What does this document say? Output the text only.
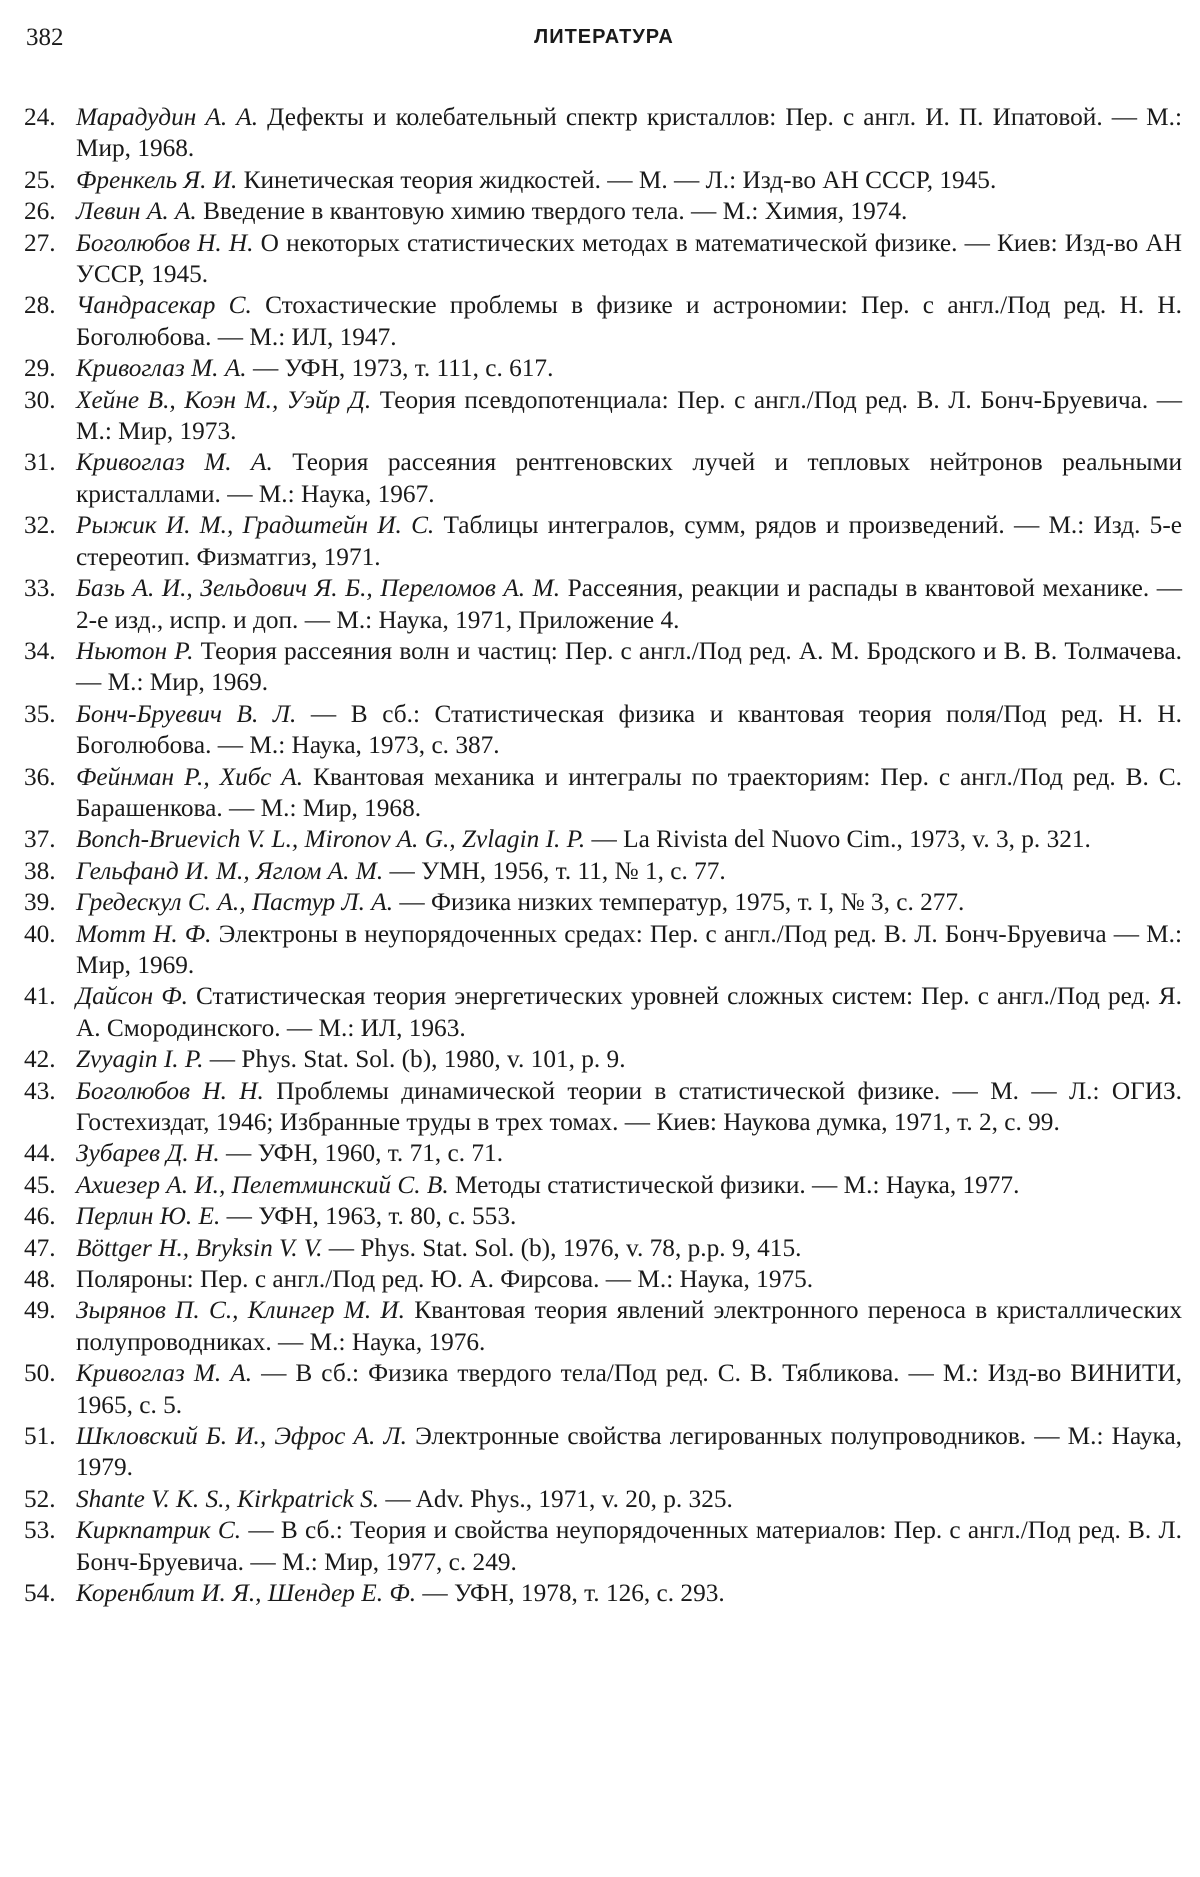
382	ЛИТЕРАТУРА
24. Марадудин А. А. Дефекты и колебательный спектр кристаллов: Пер. с англ. И. П. Ипатовой. — М.: Мир, 1968.
25. Френкель Я. И. Кинетическая теория жидкостей. — М. — Л.: Изд-во АН СССР, 1945.
26. Левин А. А. Введение в квантовую химию твердого тела. — М.: Химия, 1974.
27. Боголюбов Н. Н. О некоторых статистических методах в математической физике. — Киев: Изд-во АН УССР, 1945.
28. Чандрасекар С. Стохастические проблемы в физике и астрономии: Пер. с англ./Под ред. Н. Н. Боголюбова. — М.: ИЛ, 1947.
29. Кривоглаз М. А. — УФН, 1973, т. 111, с. 617.
30. Хейне В., Коэн М., Уэйр Д. Теория псевдопотенциала: Пер. с англ./Под ред. В. Л. Бонч-Бруевича. — М.: Мир, 1973.
31. Кривоглаз М. А. Теория рассеяния рентгеновских лучей и тепловых нейтронов реальными кристаллами. — М.: Наука, 1967.
32. Рыжик И. М., Градштейн И. С. Таблицы интегралов, сумм, рядов и произведений. — М.: Изд. 5-е стереотип. Физматгиз, 1971.
33. Базь А. И., Зельдович Я. Б., Переломов А. М. Рассеяния, реакции и распады в квантовой механике. — 2-е изд., испр. и доп. — М.: Наука, 1971, Приложение 4.
34. Ньютон Р. Теория рассеяния волн и частиц: Пер. с англ./Под ред. А. М. Бродского и В. В. Толмачева. — М.: Мир, 1969.
35. Бонч-Бруевич В. Л. — В сб.: Статистическая физика и квантовая теория поля/Под ред. Н. Н. Боголюбова. — М.: Наука, 1973, с. 387.
36. Фейнман Р., Хибс А. Квантовая механика и интегралы по траекториям: Пер. с англ./Под ред. В. С. Барашенкова. — М.: Мир, 1968.
37. Bonch-Bruevich V. L., Mironov A. G., Zvlagin I. P. — La Rivista del Nuovo Cim., 1973, v. 3, p. 321.
38. Гельфанд И. М., Яглом А. М. — УМН, 1956, т. 11, № 1, с. 77.
39. Гредескул С. А., Пастур Л. А. — Физика низких температур, 1975, т. I, № 3, с. 277.
40. Мотт Н. Ф. Электроны в неупорядоченных средах: Пер. с англ./Под ред. В. Л. Бонч-Бруевича — М.: Мир, 1969.
41. Дайсон Ф. Статистическая теория энергетических уровней сложных систем: Пер. с англ./Под ред. Я. А. Смородинского. — М.: ИЛ, 1963.
42. Zvyagin I. P. — Phys. Stat. Sol. (b), 1980, v. 101, p. 9.
43. Боголюбов Н. Н. Проблемы динамической теории в статистической физике. — М. — Л.: ОГИЗ. Гостехиздат, 1946; Избранные труды в трех томах. — Киев: Наукова думка, 1971, т. 2, с. 99.
44. Зубарев Д. Н. — УФН, 1960, т. 71, с. 71.
45. Ахиезер А. И., Пелетминский С. В. Методы статистической физики. — М.: Наука, 1977.
46. Перлин Ю. Е. — УФН, 1963, т. 80, с. 553.
47. Böttger H., Bryksin V. V. — Phys. Stat. Sol. (b), 1976, v. 78, p.p. 9, 415.
48. Поляроны: Пер. с англ./Под ред. Ю. А. Фирсова. — М.: Наука, 1975.
49. Зырянов П. С., Клингер М. И. Квантовая теория явлений электронного переноса в кристаллических полупроводниках. — М.: Наука, 1976.
50. Кривоглаз М. А. — В сб.: Физика твердого тела/Под ред. С. В. Тябликова. — М.: Изд-во ВИНИТИ, 1965, с. 5.
51. Шкловский Б. И., Эфрос А. Л. Электронные свойства легированных полупроводников. — М.: Наука, 1979.
52. Shante V. K. S., Kirkpatrick S. — Adv. Phys., 1971, v. 20, p. 325.
53. Киркпатрик С. — В сб.: Теория и свойства неупорядоченных материалов: Пер. с англ./Под ред. В. Л. Бонч-Бруевича. — М.: Мир, 1977, с. 249.
54. Коренблит И. Я., Шендер Е. Ф. — УФН, 1978, т. 126, с. 293.
